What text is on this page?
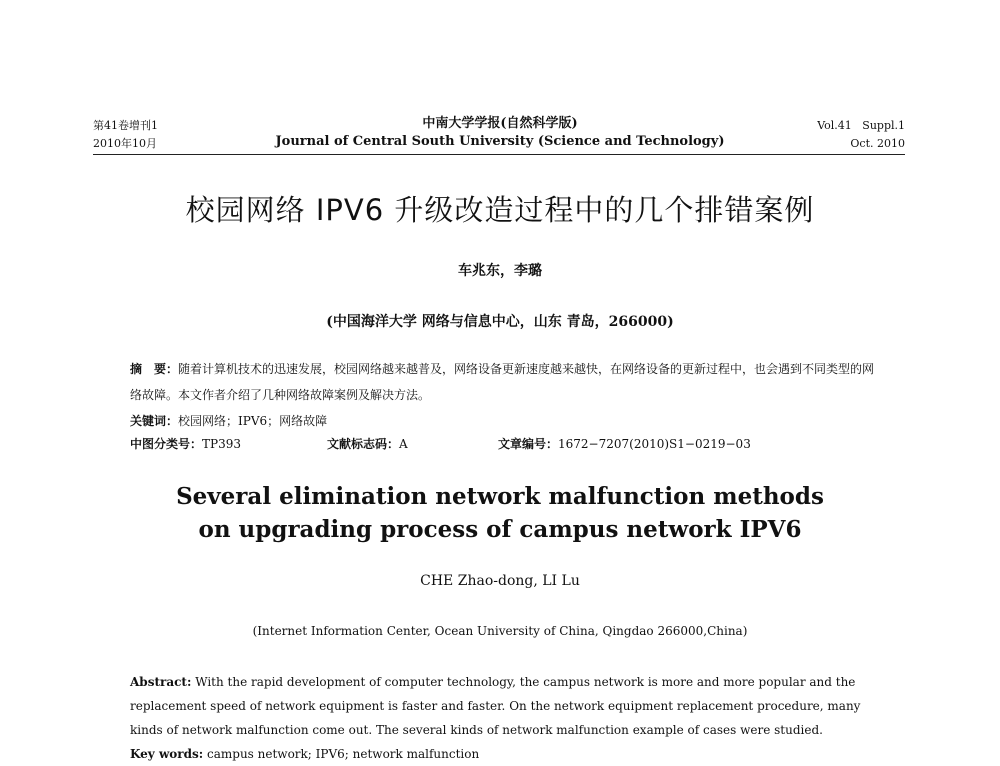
第41卷增刊1
2010年10月
中南大学学报(自然科学版)
Journal of Central South University (Science and Technology)
Vol.41   Suppl.1
Oct. 2010
校园网络 IPV6 升级改造过程中的几个排错案例
车兆东，李璐
(中国海洋大学 网络与信息中心，山东 青岛，266000)
摘　要：随着计算机技术的迅速发展，校园网络越来越普及，网络设备更新速度越来越快，在网络设备的更新过程中，也会遇到不同类型的网络故障。本文作者介绍了几种网络故障案例及解决方法。
关键词：校园网络；IPV6；网络故障
中图分类号：TP393	文献标志码：A	文章编号：1672−7207(2010)S1−0219−03
Several elimination network malfunction methods
on upgrading process of campus network IPV6
CHE Zhao-dong, LI Lu
(Internet Information Center, Ocean University of China, Qingdao 266000,China)
Abstract: With the rapid development of computer technology, the campus network is more and more popular and the replacement speed of network equipment is faster and faster. On the network equipment replacement procedure, many kinds of network malfunction come out. The several kinds of network malfunction example of cases were studied.
Key words: campus network; IPV6; network malfunction
